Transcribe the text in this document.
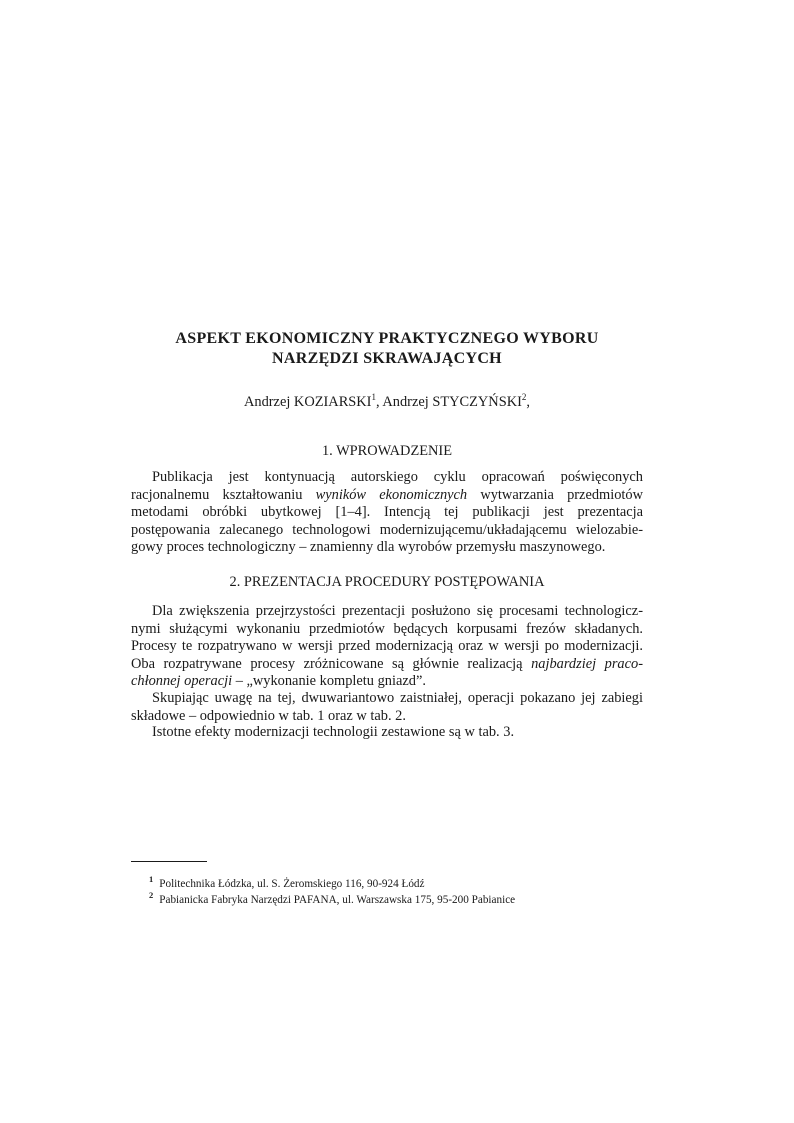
ASPEKT EKONOMICZNY PRAKTYCZNEGO WYBORU
NARZĘDZI SKRAWAJĄCYCH
Andrzej KOZIARSKI$^1$, Andrzej STYCZYŃSKI$^2$,
1. WPROWADZENIE
Publikacja jest kontynuacją autorskiego cyklu opracowań poświęconych
racjonalnemu kształtowaniu wyników ekonomicznych wytwarzania przedmiotów
metodami obróbki ubytkowej [1–4]. Intencją tej publikacji jest prezentacja
postępowania zalecanego technologowi modernizującemu/układającemu wielozabie-
gowy proces technologiczny – znamienny dla wyrobów przemysłu maszynowego.
2. PREZENTACJA PROCEDURY POSTĘPOWANIA
Dla zwiększenia przejrzystości prezentacji posłużono się procesami technologicz-
nymi służącymi wykonaniu przedmiotów będących korpusami frezów składanych.
Procesy te rozpatrywano w wersji przed modernizacją oraz w wersji po modernizacji.
Oba rozpatrywane procesy zróżnicowane są głównie realizacją najbardziej praco-
chłonnej operacji – „wykonanie kompletu gniazd”.
Skupiając uwagę na tej, dwuwariantowo zaistniałej, operacji pokazano jej zabiegi
składowe – odpowiednio w tab. 1 oraz w tab. 2.
Istotne efekty modernizacji technologii zestawione są w tab. 3.
$^1$ Politechnika Łódzka, ul. S. Żeromskiego 116, 90-924 Łódź
$^2$ Pabianicka Fabryka Narzędzi PAFANA, ul. Warszawska 175, 95-200 Pabianice
